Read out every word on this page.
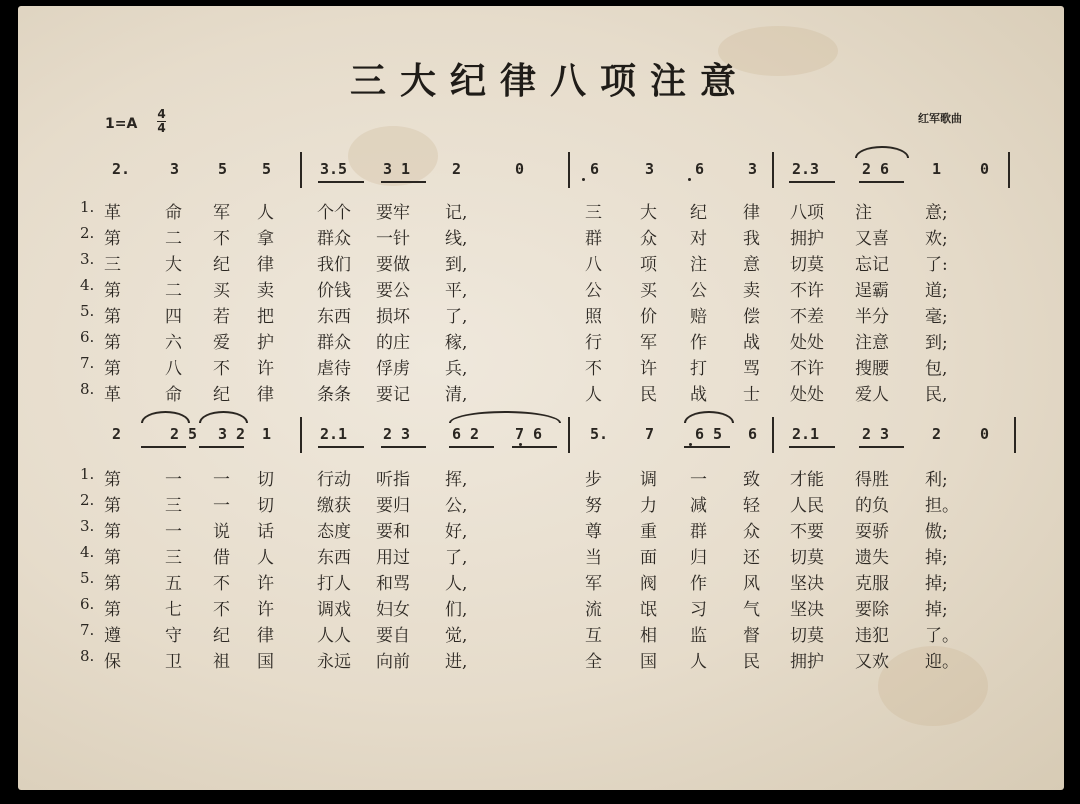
三大纪律八项注意
1=A
4
4
红军歌曲
2.	3	5 5	3.5 3 1	2	0	6	3	6	3 2.3	2 6	1	0
1. 革	命 军 人	个个 要牢 记,	三 大 纪 律 八项 注	意;
2. 第	二 不 拿	群众 一针 线,	群 众 对 我 拥护 又喜 欢;
3. 三	大 纪 律	我们 要做 到,	八 项 注 意 切莫 忘记 了:
4. 第	二 买 卖	价钱 要公 平,	公 买 公 卖 不许 逞霸 道;
5. 第	四 若 把	东西 损坏 了,	照 价 赔 偿 不差 半分 毫;
6. 第	六 爱 护	群众 的庄 稼,	行 军 作 战 处处 注意 到;
7. 第	八 不 许	虐待 俘虏 兵,	不 许 打 骂 不许 搜腰 包,
8. 革	命 纪 律	条条 要记 清,	人 民 战 士 处处 爱人 民,
2	2 5 3 2 1	2.1 2 3	6 2 7 6	5. 7	6 5 6 2.1	2 3	2	0
1. 第	一 一 切	行动 听指 挥,	步 调 一 致 才能 得胜 利;
2. 第	三 一 切	缴获 要归 公,	努 力 减 轻 人民 的负 担。
3. 第	一 说 话	态度 要和 好,	尊 重 群 众 不要 耍骄 傲;
4. 第	三 借 人	东西 用过 了,	当 面 归 还 切莫 遗失 掉;
5. 第	五 不 许	打人 和骂 人,	军 阀 作 风 坚决 克服 掉;
6. 第	七 不 许	调戏 妇女 们,	流 氓 习 气 坚决 要除 掉;
7. 遵	守 纪 律	人人 要自 觉,	互 相 监 督 切莫 违犯 了。
8. 保	卫 祖 国	永远 向前 进,	全 国 人 民 拥护 又欢 迎。
